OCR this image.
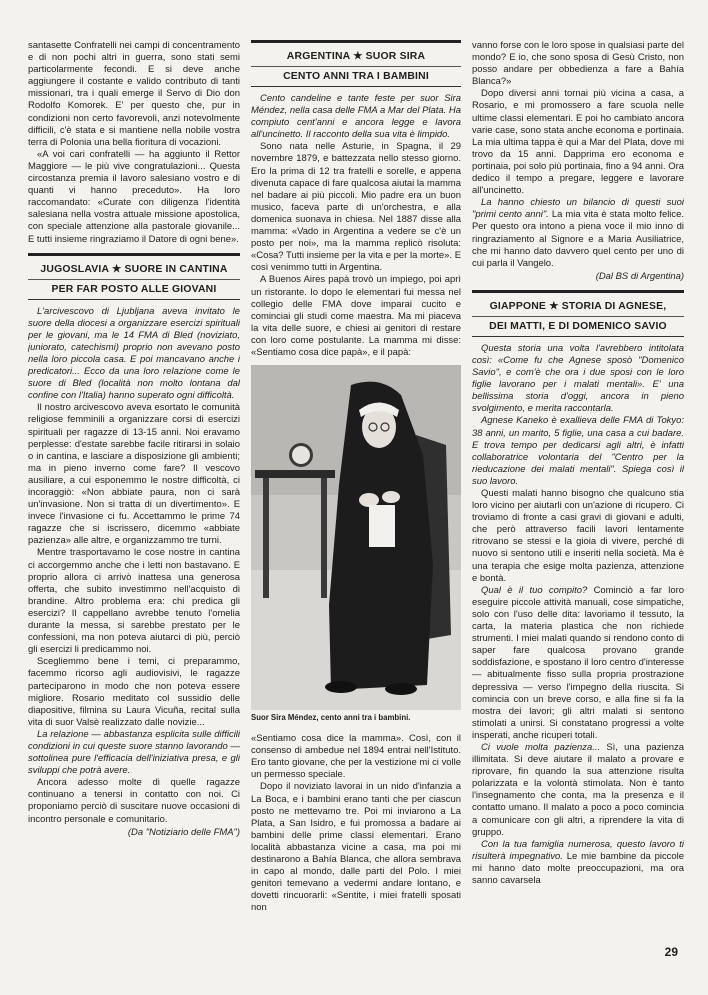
santasette Confratelli nei campi di concentramento e di non pochi altri in guerra, sono stati semi particolarmente fecondi. E si deve anche aggiungere il costante e valido contributo di tanti missionari, tra i quali emerge il Servo di Dio don Rodolfo Komorek. E' per questo che, pur in condizioni non certo favorevoli, anzi notevolmente difficili, c'è stata e si mantiene nella nobile vostra terra di Polonia una bella fioritura di vocazioni.

«A voi cari confratelli — ha aggiunto il Rettor Maggiore — le più vive congratulazioni... Questa circostanza premia il lavoro salesiano vostro e di quanti vi hanno preceduto». Ha loro raccomandato: «Curate con diligenza l'identità salesiana nella vostra attuale missione apostolica, con speciale attenzione alla pastorale giovanile... E tutti insieme ringraziamo il Datore di ogni bene».

JUGOSLAVIA ★ SUORE IN CANTINA
PER FAR POSTO ALLE GIOVANI

L'arcivescovo di Ljubljana aveva invitato le suore della diocesi a organizzare esercizi spirituali per le giovani, ma le 14 FMA di Bled (noviziato, juniorato, catechismi) proprio non avevano posto nella loro piccola casa. E poi mancavano anche i predicatori... Ecco da una loro relazione come le suore di Bled (località non molto lontana dal confine con l'Italia) hanno superato ogni difficoltà.

Il nostro arcivescovo aveva esortato le comunità religiose femminili a organizzare corsi di esercizi spirituali per ragazze di 13-15 anni. Noi eravamo perplesse: d'estate sarebbe facile ritirarsi in solaio o in cantina, e lasciare a disposizione gli ambienti; ma in pieno inverno come fare? Il vescovo ausiliare, a cui esponemmo le nostre difficoltà, ci incoraggiò: «Non abbiate paura, non ci sarà un'invasione. Non si tratta di un divertimento». E invece l'invasione ci fu. Accettammo le prime 74 ragazze che si iscrissero, dicemmo «abbiate pazienza» alle altre, e organizzammo tre turni.

Mentre trasportavamo le cose nostre in cantina ci accorgemmo anche che i letti non bastavano. E proprio allora ci arrivò inattesa una generosa offerta, che subito investimmo nell'acquisto di brandine. Altro problema era: chi predica gli esercizi? Il cappellano avrebbe tenuto l'omelia durante la messa, si sarebbe prestato per le confessioni, ma non poteva aiutarci di più, perciò gli esercizi li predicammo noi.

Scegliemmo bene i temi, ci preparammo, facemmo ricorso agli audiovisivi, le ragazze parteciparono in modo che non poteva essere migliore. Rosario meditato col sussidio delle diapositive, filmina su Laura Vicuña, recital sulla vita di suor Valsè realizzato dalle novizie...

La relazione — abbastanza esplicita sulle difficili condizioni in cui queste suore stanno lavorando — sottolinea pure l'efficacia dell'iniziativa presa, e gli sviluppi che potrà avere.

Ancora adesso molte di quelle ragazze continuano a tenersi in contatto con noi. Ci proponiamo perciò di suscitare nuove occasioni di incontro personale e comunitario.

(Da "Notiziario delle FMA")
ARGENTINA ★ SUOR SIRA
CENTO ANNI TRA I BAMBINI

Cento candeline e tante feste per suor Sira Méndez, nella casa delle FMA a Mar del Plata. Ha compiuto cent'anni e ancora legge e lavora all'uncinetto. Il racconto della sua vita è limpido.

Sono nata nelle Asturie, in Spagna, il 29 novembre 1879, e battezzata nello stesso giorno. Ero la prima di 12 tra fratelli e sorelle, e appena divenuta capace di fare qualcosa aiutai la mamma nel badare ai più piccoli. Mio padre era un buon musico, faceva parte di un'orchestra, e alla domenica suonava in chiesa. Nel 1887 disse alla mamma: «Vado in Argentina a vedere se c'è un posto per noi», ma la mamma replicò risoluta: «Cosa? Tutti insieme per la vita e per la morte». E così venimmo tutti in Argentina.

A Buenos Aires papà trovò un impiego, poi aprì un ristorante. Io dopo le elementari fui messa nel collegio delle FMA dove imparai cucito e cominciai gli studi come maestra. Ma mi piaceva la vita delle suore, e chiesi ai genitori di restare con loro come postulante. La mamma mi disse: «Sentiamo cosa dice papà», e il papà:

Suor Sira Méndez, cento anni tra i bambini.

«Sentiamo cosa dice la mamma». Così, con il consenso di ambedue nel 1894 entrai nell'Istituto. Ero tanto giovane, che per la vestizione mi ci volle un permesso speciale.

Dopo il noviziato lavorai in un nido d'infanzia a La Boca, e i bambini erano tanti che per ciascun posto ne mettevamo tre. Poi mi inviarono a La Plata, a San Isidro, e fui promossa a badare ai bambini delle prime classi elementari. Erano località abbastanza vicine a casa, ma poi mi destinarono a Bahía Blanca, che allora sembrava in capo al mondo, dalle parti del Polo. I miei genitori temevano a vedermi andare lontano, e dovetti rincuorarli: «Sentite, i miei fratelli sposati non

vanno forse con le loro spose in qualsiasi parte del mondo? E io, che sono sposa di Gesù Cristo, non posso andare per obbedienza a fare a Bahía Blanca?»

Dopo diversi anni tornai più vicina a casa, a Rosario, e mi promossero a fare scuola nelle ultime classi elementari. E poi ho cambiato ancora varie case, sono stata anche economa e portinaia. La mia ultima tappa è qui a Mar del Plata, dove mi trovo da 15 anni. Dapprima ero economa e portinaia, poi solo più portinaia, fino a 94 anni. Ora dedico il tempo a pregare, leggere e lavorare all'uncinetto.

La hanno chiesto un bilancio di questi suoi "primi cento anni". La mia vita è stata molto felice. Per questo ora intono a piena voce il mio inno di ringraziamento al Signore e a Maria Ausiliatrice, che mi hanno dato davvero quel cento per uno di cui parla il Vangelo.

(Dal BS di Argentina)
GIAPPONE ★ STORIA DI AGNESE,
DEI MATTI, E DI DOMENICO SAVIO

Questa storia una volta l'avrebbero intitolata così: «Come fu che Agnese sposò "Domenico Savio", e com'è che ora i due sposi con le loro figlie lavorano per i malati mentali». E' una bellissima storia d'oggi, ancora in pieno svolgimento, e merita raccontarla.

Agnese Kaneko è exallieva delle FMA di Tokyo: 38 anni, un marito, 5 figlie, una casa a cui badare. E trova tempo per dedicarsi agli altri, è infatti collaboratrice volontaria del "Centro per la rieducazione dei malati mentali". Spiega così il suo lavoro.

Questi malati hanno bisogno che qualcuno stia loro vicino per aiutarli con un'azione di ricupero. Ci troviamo di fronte a casi gravi di giovani e adulti, che però attraverso facili lavori lentamente ritrovano se stessi e la gioia di vivere, perché di nuovo si sentono utili e inseriti nella società. Ma è una terapia che esige molta pazienza, attenzione e bontà.

Qual è il tuo compito? Cominciò a far loro eseguire piccole attività manuali, cose simpatiche, solo con l'uso delle dita: lavoriamo il tessuto, la carta, la materia plastica che non richiede strumenti. I miei malati quando si rendono conto di saper fare qualcosa provano grande soddisfazione, e spostano il loro centro d'interesse — abitualmente fisso sulla propria prostrazione depressiva — verso l'impegno della riuscita. Si comincia con un breve corso, e alla fine si fa la mostra dei lavori; gli altri malati si sentono stimolati a unirsi. Si constatano progressi a volte insperati, anche ricuperi totali.

Ci vuole molta pazienza... Sì, una pazienza illimitata. Si deve aiutare il malato a provare e riprovare, fin quando la sua attenzione risulta polarizzata e la volontà stimolata. Non è tanto l'insegnamento che conta, ma la presenza e il contatto umano. Il malato a poco a poco comincia a comunicare con gli altri, a riprendere la vita di gruppo.

Con la tua famiglia numerosa, questo lavoro ti risulterà impegnativo. Le mie bambine da piccole mi hanno dato molte preoccupazioni, ma ora sanno cavarsela

29
